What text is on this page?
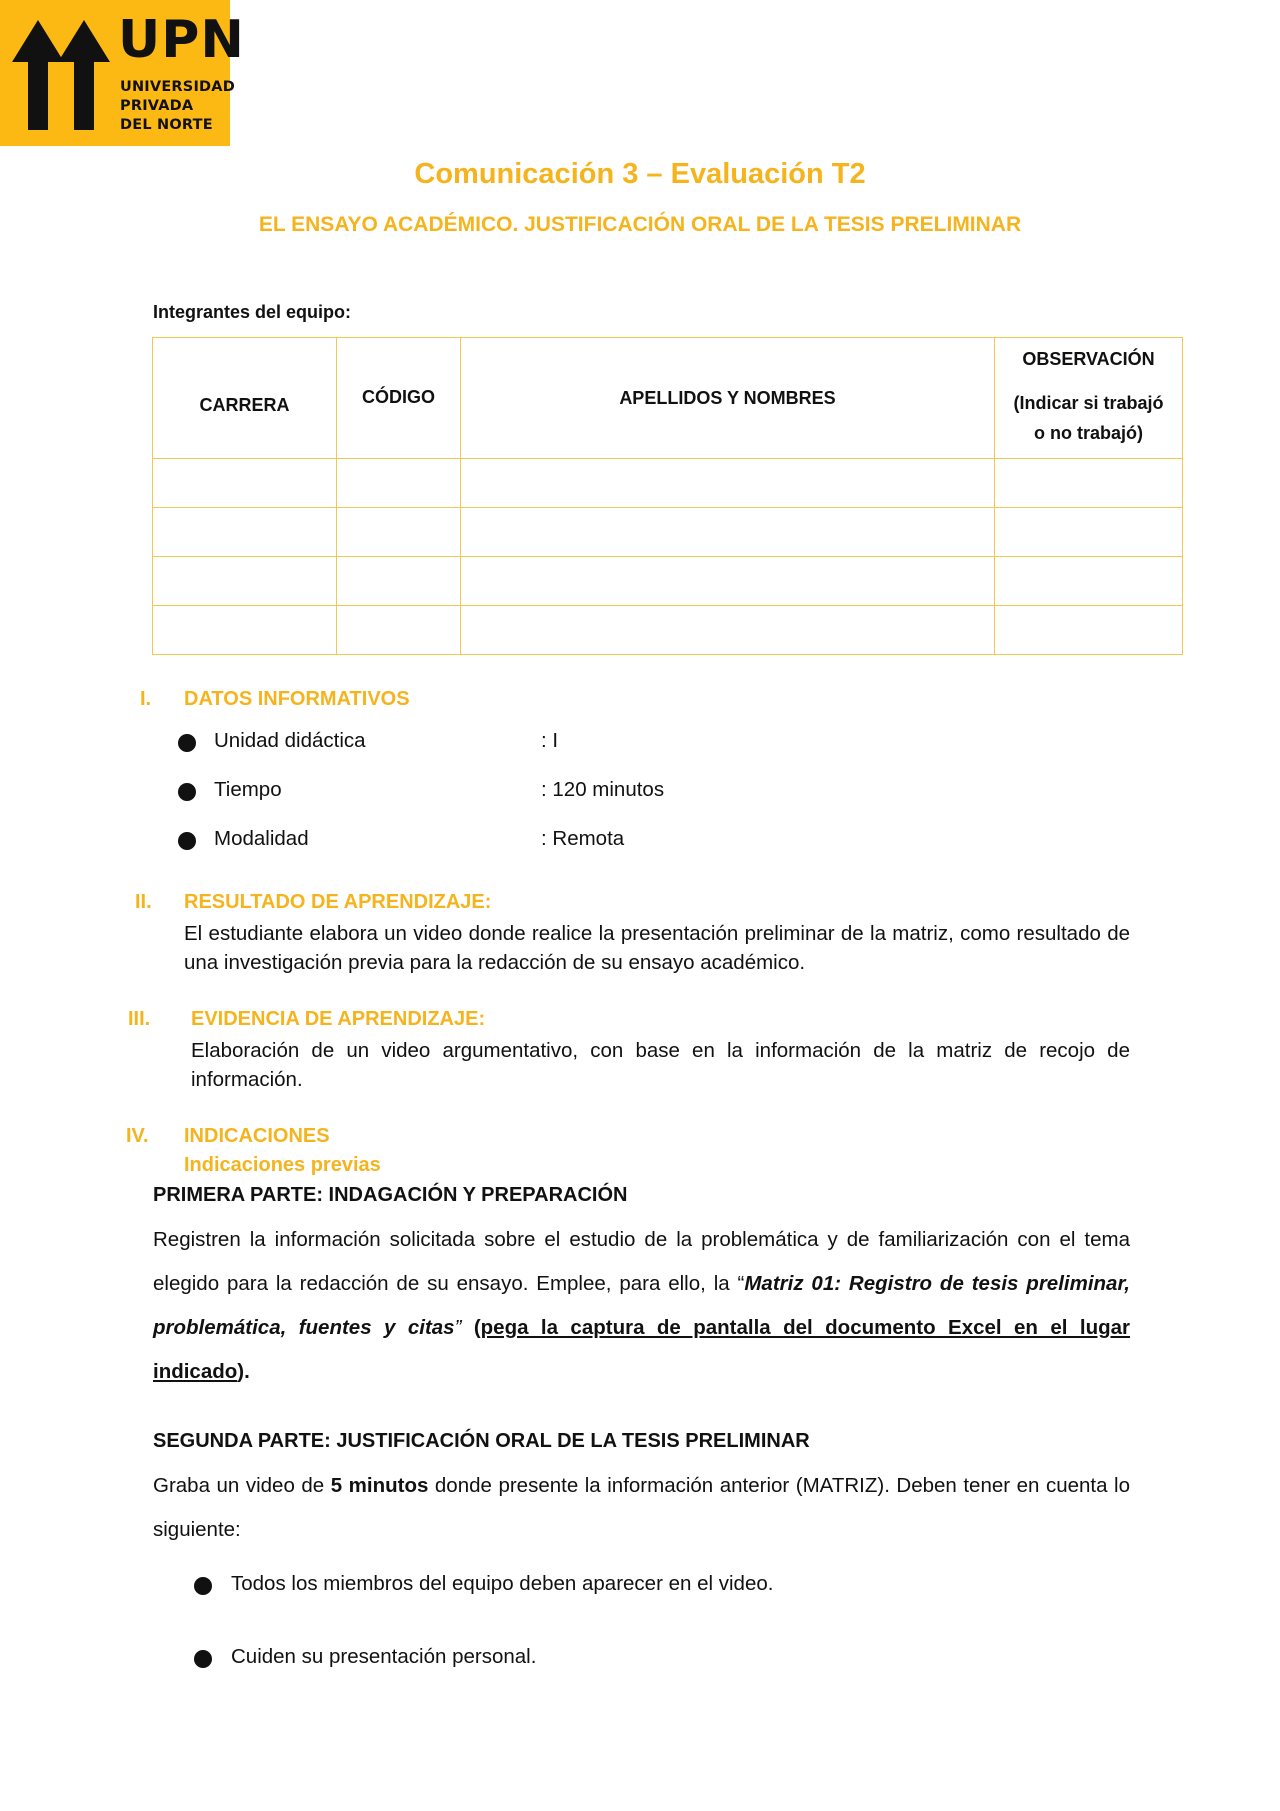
UPN
UNIVERSIDAD
PRIVADA
DEL NORTE
Comunicación 3 – Evaluación T2
EL ENSAYO ACADÉMICO. JUSTIFICACIÓN ORAL DE LA TESIS PRELIMINAR
Integrantes del equipo:
CARRERA	CÓDIGO	APELLIDOS Y NOMBRES	OBSERVACIÓN
(Indicar si trabajó
o no trabajó)

I. DATOS INFORMATIVOS
Unidad didáctica	: I
Tiempo	: 120 minutos
Modalidad	: Remota
II. RESULTADO DE APRENDIZAJE:
El estudiante elabora un video donde realice la presentación preliminar de la matriz, como resultado de una investigación previa para la redacción de su ensayo académico.
III. EVIDENCIA DE APRENDIZAJE:
Elaboración de un video argumentativo, con base en la información de la matriz de recojo de información.
IV. INDICACIONES
Indicaciones previas
PRIMERA PARTE: INDAGACIÓN Y PREPARACIÓN
Registren la información solicitada sobre el estudio de la problemática y de familiarización con el tema elegido para la redacción de su ensayo. Emplee, para ello, la “Matriz 01: Registro de tesis preliminar, problemática, fuentes y citas” (pega la captura de pantalla del documento Excel en el lugar indicado).
SEGUNDA PARTE: JUSTIFICACIÓN ORAL DE LA TESIS PRELIMINAR
Graba un video de 5 minutos donde presente la información anterior (MATRIZ). Deben tener en cuenta lo siguiente:
Todos los miembros del equipo deben aparecer en el video.
Cuiden su presentación personal.
